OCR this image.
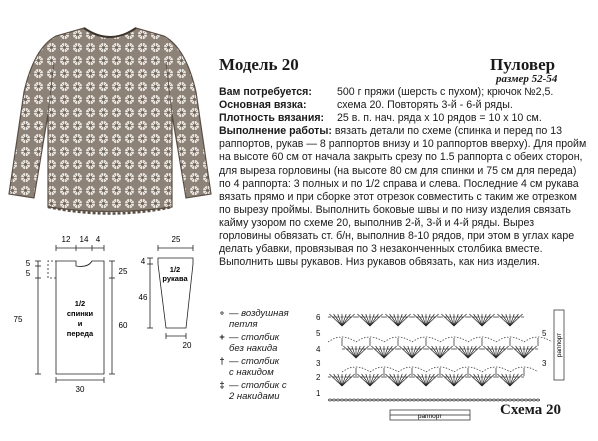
Модель 20	Пуловер
размер 52-54
Вам потребуется: 500 г пряжи (шерсть с пухом); крючок №2,5.
Основная вязка:	схема 20. Повторять 3-й - 6-й ряды.
Плотность вязания: 25 в. п. нач. ряда х 10 рядов = 10 х 10 см.
Выполнение работы: вязать детали по схеме (спинка и перед по 13 раппортов, рукав — 8 раппортов внизу и 10 раппортов вверху). Для пройм на высоте 60 см от начала закрыть срезу по 1.5 раппорта с обеих сторон, для выреза горловины (на высоте 80 см для спинки и 75 см для переда) по 4 раппорта: 3 полных и по 1/2 справа и слева. Последние 4 см рукава вязать прямо и при сборке этот отрезок совместить с таким же отрезком по вырезу проймы. Выполнить боковые швы и по низу изделия связать кайму узором по схеме 20, выполнив 2-й, 3-й и 4-й ряды. Вырез горловины обвязать ст. б/н, выполнив 8-10 рядов, при этом в углах каре делать убавки, провязывая по 3 незаконченных столбика вместе. Выполнить швы рукавов. Низ рукавов обвязать, как низ изделия.
12 14 4
5
5
75
25
60
30
1/2
спинки
и
переда
25
4
46
20
1/2
рукава
∘ — воздушная
петля
+ — столбик
без накида
† — столбик
с накидом
‡ — столбик с
2 накидами
6
5
4
3
2
1
5
3
раппорт
раппорт	Схема 20
